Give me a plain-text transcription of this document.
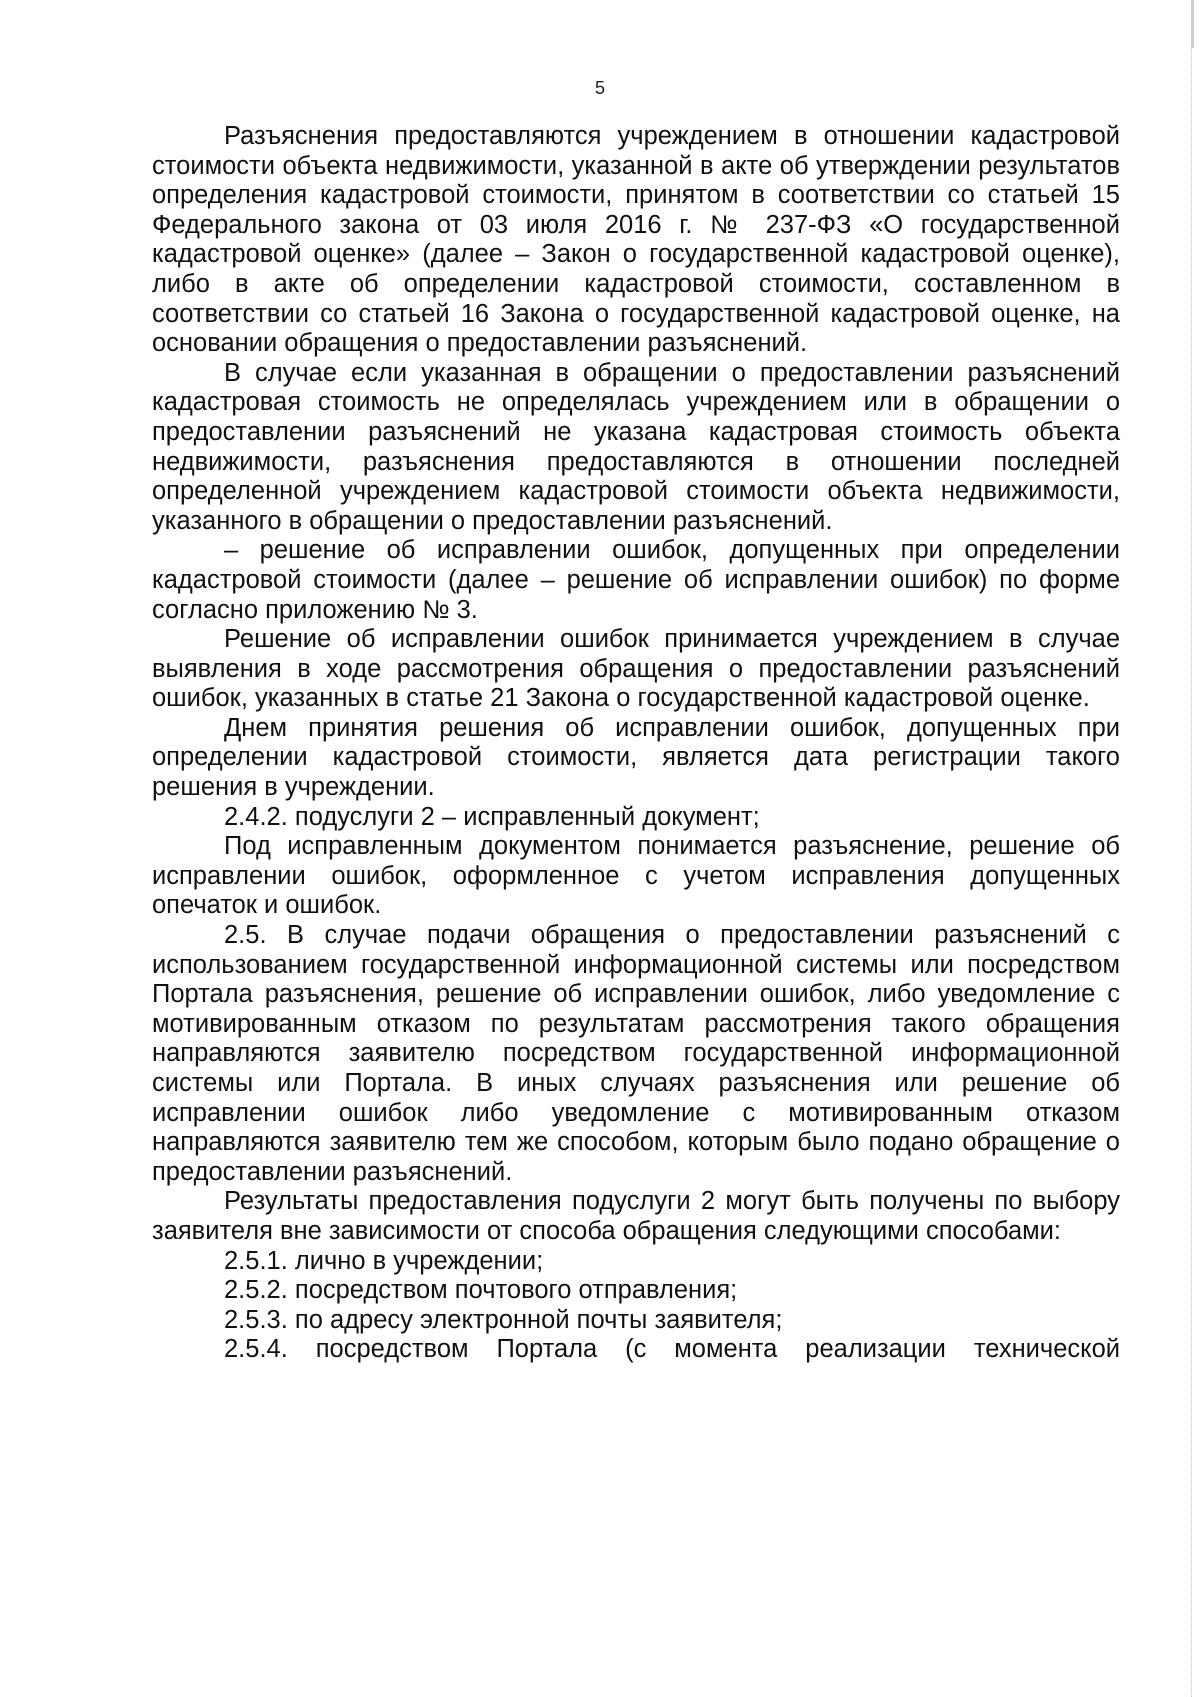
5

Разъяснения предоставляются учреждением в отношении кадастровой стоимости объекта недвижимости, указанной в акте об утверждении результатов определения кадастровой стоимости, принятом в соответствии со статьей 15 Федерального закона от 03 июля 2016 г. № 237-ФЗ «О государственной кадастровой оценке» (далее – Закон о государственной кадастровой оценке), либо в акте об определении кадастровой стоимости, составленном в соответствии со статьей 16 Закона о государственной кадастровой оценке, на основании обращения о предоставлении разъяснений.

В случае если указанная в обращении о предоставлении разъяснений кадастровая стоимость не определялась учреждением или в обращении о предоставлении разъяснений не указана кадастровая стоимость объекта недвижимости, разъяснения предоставляются в отношении последней определенной учреждением кадастровой стоимости объекта недвижимости, указанного в обращении о предоставлении разъяснений.

– решение об исправлении ошибок, допущенных при определении кадастровой стоимости (далее – решение об исправлении ошибок) по форме согласно приложению № 3.

Решение об исправлении ошибок принимается учреждением в случае выявления в ходе рассмотрения обращения о предоставлении разъяснений ошибок, указанных в статье 21 Закона о государственной кадастровой оценке.

Днем принятия решения об исправлении ошибок, допущенных при определении кадастровой стоимости, является дата регистрации такого решения в учреждении.

2.4.2. подуслуги 2 – исправленный документ;

Под исправленным документом понимается разъяснение, решение об исправлении ошибок, оформленное с учетом исправления допущенных опечаток и ошибок.

2.5. В случае подачи обращения о предоставлении разъяснений с использованием государственной информационной системы или посредством Портала разъяснения, решение об исправлении ошибок, либо уведомление с мотивированным отказом по результатам рассмотрения такого обращения направляются заявителю посредством государственной информационной системы или Портала. В иных случаях разъяснения или решение об исправлении ошибок либо уведомление с мотивированным отказом направляются заявителю тем же способом, которым было подано обращение о предоставлении разъяснений.

Результаты предоставления подуслуги 2 могут быть получены по выбору заявителя вне зависимости от способа обращения следующими способами:

2.5.1. лично в учреждении;

2.5.2. посредством почтового отправления;

2.5.3. по адресу электронной почты заявителя;

2.5.4. посредством Портала (с момента реализации технической
